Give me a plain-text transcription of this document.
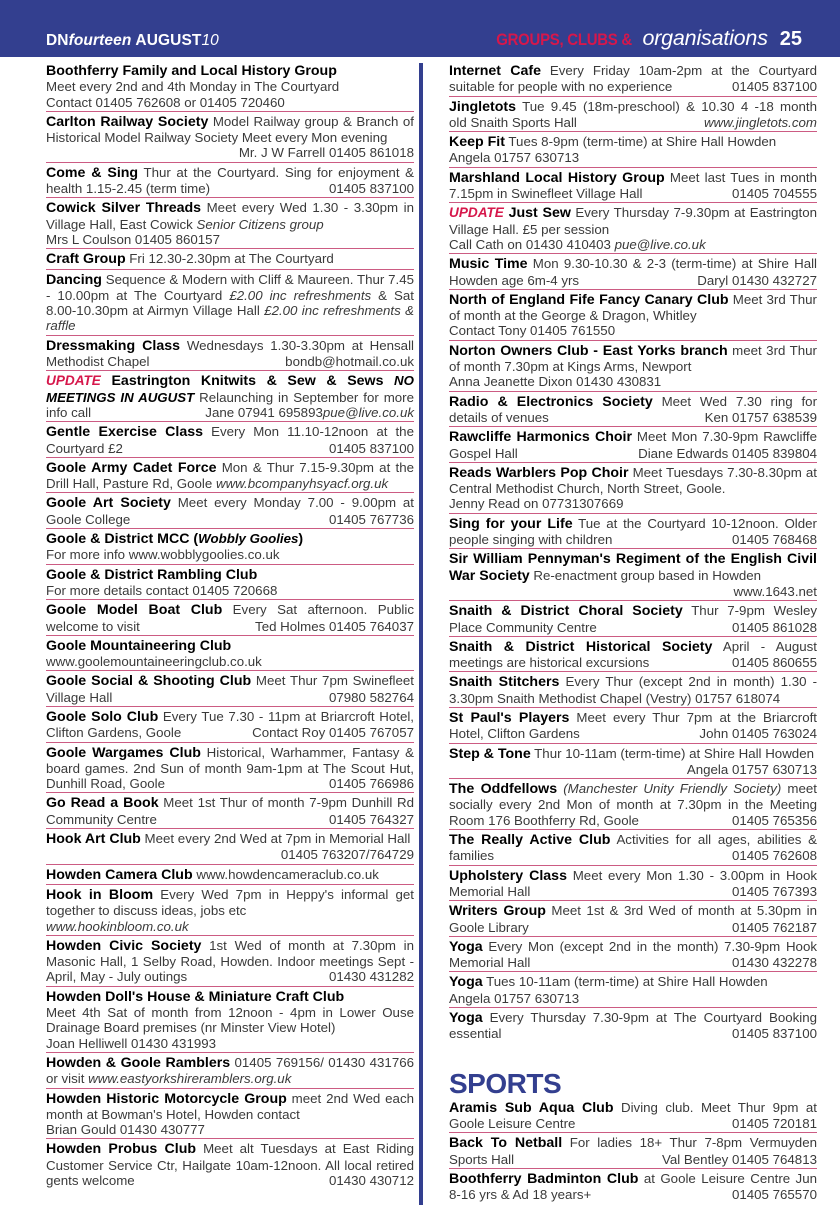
DNfourteen AUGUST10	GROUPS, CLUBS & organisations 25

Boothferry Family and Local History Group
Meet every 2nd and 4th Monday in The Courtyard
Contact 01405 762608 or 01405 720460

Carlton Railway Society Model Railway group & Branch of Historical Model Railway Society Meet every Mon evening
Mr. J W Farrell 01405 861018

Come & Sing Thur at the Courtyard. Sing for enjoyment & health 1.15-2.45 (term time)	01405 837100

Cowick Silver Threads Meet every Wed 1.30 - 3.30pm in Village Hall, East Cowick Senior Citizens group
Mrs L Coulson 01405 860157

Craft Group Fri 12.30-2.30pm at The Courtyard

Dancing Sequence & Modern with Cliff & Maureen. Thur 7.45 - 10.00pm at The Courtyard £2.00 inc refreshments & Sat 8.00-10.30pm at Airmyn Village Hall £2.00 inc refreshments & raffle

Dressmaking Class Wednesdays 1.30-3.30pm at Hensall Methodist Chapel	bondb@hotmail.co.uk

UPDATE Eastrington Knitwits & Sew & Sews NO MEETINGS IN AUGUST Relaunching in September for more info call	pue@live.co.uk
Jane 07941 695893

Gentle Exercise Class Every Mon 11.10-12noon at the Courtyard £2	01405 837100

Goole Army Cadet Force Mon & Thur 7.15-9.30pm at the Drill Hall, Pasture Rd, Goole www.bcompanyhsyacf.org.uk

Goole Art Society Meet every Monday 7.00 - 9.00pm at Goole College	01405 767736

Goole & District MCC (Wobbly Goolies)
For more info www.wobblygoolies.co.uk

Goole & District Rambling Club
For more details contact 01405 720668

Goole Model Boat Club Every Sat afternoon. Public welcome to visit	Ted Holmes 01405 764037

Goole Mountaineering Club
www.goolemountaineeringclub.co.uk

Goole Social & Shooting Club Meet Thur 7pm Swinefleet Village Hall	07980 582764

Goole Solo Club Every Tue 7.30 - 11pm at Briarcroft Hotel, Clifton Gardens, Goole	Contact Roy 01405 767057

Goole Wargames Club Historical, Warhammer, Fantasy & board games. 2nd Sun of month 9am-1pm at The Scout Hut, Dunhill Road, Goole	01405 766986

Go Read a Book Meet 1st Thur of month 7-9pm Dunhill Rd Community Centre	01405 764327

Hook Art Club Meet every 2nd Wed at 7pm in Memorial Hall
01405 763207/764729

Howden Camera Club www.howdencameraclub.co.uk

Hook in Bloom Every Wed 7pm in Heppy's informal get together to discuss ideas, jobs etc
www.hookinbloom.co.uk

Howden Civic Society 1st Wed of month at 7.30pm in Masonic Hall, 1 Selby Road, Howden. Indoor meetings Sept - April, May - July outings	01430 431282

Howden Doll's House & Miniature Craft Club
Meet 4th Sat of month from 12noon - 4pm in Lower Ouse Drainage Board premises (nr Minster View Hotel)
Joan Helliwell 01430 431993

Howden & Goole Ramblers 01405 769156/ 01430 431766 or visit www.eastyorkshireramblers.org.uk

Howden Historic Motorcycle Group meet 2nd Wed each month at Bowman's Hotel, Howden contact
Brian Gould 01430 430777

Howden Probus Club Meet alt Tuesdays at East Riding Customer Service Ctr, Hailgate 10am-12noon. All local retired gents welcome	01430 430712

Internet Cafe Every Friday 10am-2pm at the Courtyard suitable for people with no experience	01405 837100

Jingletots Tue 9.45 (18m-preschool) & 10.30 4 -18 month old Snaith Sports Hall	www.jingletots.com

Keep Fit Tues 8-9pm (term-time) at Shire Hall Howden
Angela 01757 630713

Marshland Local History Group Meet last Tues in month 7.15pm in Swinefleet Village Hall	01405 704555

UPDATE Just Sew Every Thursday 7-9.30pm at Eastrington Village Hall. £5 per session
Call Cath on 01430 410403 pue@live.co.uk

Music Time Mon 9.30-10.30 & 2-3 (term-time) at Shire Hall Howden age 6m-4 yrs	Daryl 01430 432727

North of England Fife Fancy Canary Club Meet 3rd Thur of month at the George & Dragon, Whitley
Contact Tony 01405 761550

Norton Owners Club - East Yorks branch meet 3rd Thur of month 7.30pm at Kings Arms, Newport
Anna Jeanette Dixon 01430 430831

Radio & Electronics Society Meet Wed 7.30 ring for details of venues	Ken 01757 638539

Rawcliffe Harmonics Choir Meet Mon 7.30-9pm Rawcliffe Gospel Hall	Diane Edwards 01405 839804

Reads Warblers Pop Choir Meet Tuesdays 7.30-8.30pm at Central Methodist Church, North Street, Goole.
Jenny Read on 07731307669

Sing for your Life Tue at the Courtyard 10-12noon. Older people singing with children	01405 768468

Sir William Pennyman's Regiment of the English Civil War Society Re-enactment group based in Howden
www.1643.net

Snaith & District Choral Society Thur 7-9pm Wesley Place Community Centre	01405 861028

Snaith & District Historical Society April - August meetings are historical excursions	01405 860655

Snaith Stitchers Every Thur (except 2nd in month) 1.30 - 3.30pm Snaith Methodist Chapel (Vestry) 01757 618074

St Paul's Players Meet every Thur 7pm at the Briarcroft Hotel, Clifton Gardens	John 01405 763024

Step & Tone Thur 10-11am (term-time) at Shire Hall Howden
Angela 01757 630713

The Oddfellows (Manchester Unity Friendly Society) meet socially every 2nd Mon of month at 7.30pm in the Meeting Room 176 Boothferry Rd, Goole	01405 765356

The Really Active Club Activities for all ages, abilities & families	01405 762608

Upholstery Class Meet every Mon 1.30 - 3.00pm in Hook Memorial Hall	01405 767393

Writers Group Meet 1st & 3rd Wed of month at 5.30pm in Goole Library	01405 762187

Yoga Every Mon (except 2nd in the month) 7.30-9pm Hook Memorial Hall	01430 432278

Yoga Tues 10-11am (term-time) at Shire Hall Howden
Angela 01757 630713

Yoga Every Thursday 7.30-9pm at The Courtyard Booking essential	01405 837100

SPORTS

Aramis Sub Aqua Club Diving club. Meet Thur 9pm at Goole Leisure Centre	01405 720181

Back To Netball For ladies 18+ Thur 7-8pm Vermuyden Sports Hall	Val Bentley 01405 764813

Boothferry Badminton Club at Goole Leisure Centre Jun 8-16 yrs & Ad 18 years+	01405 765570
